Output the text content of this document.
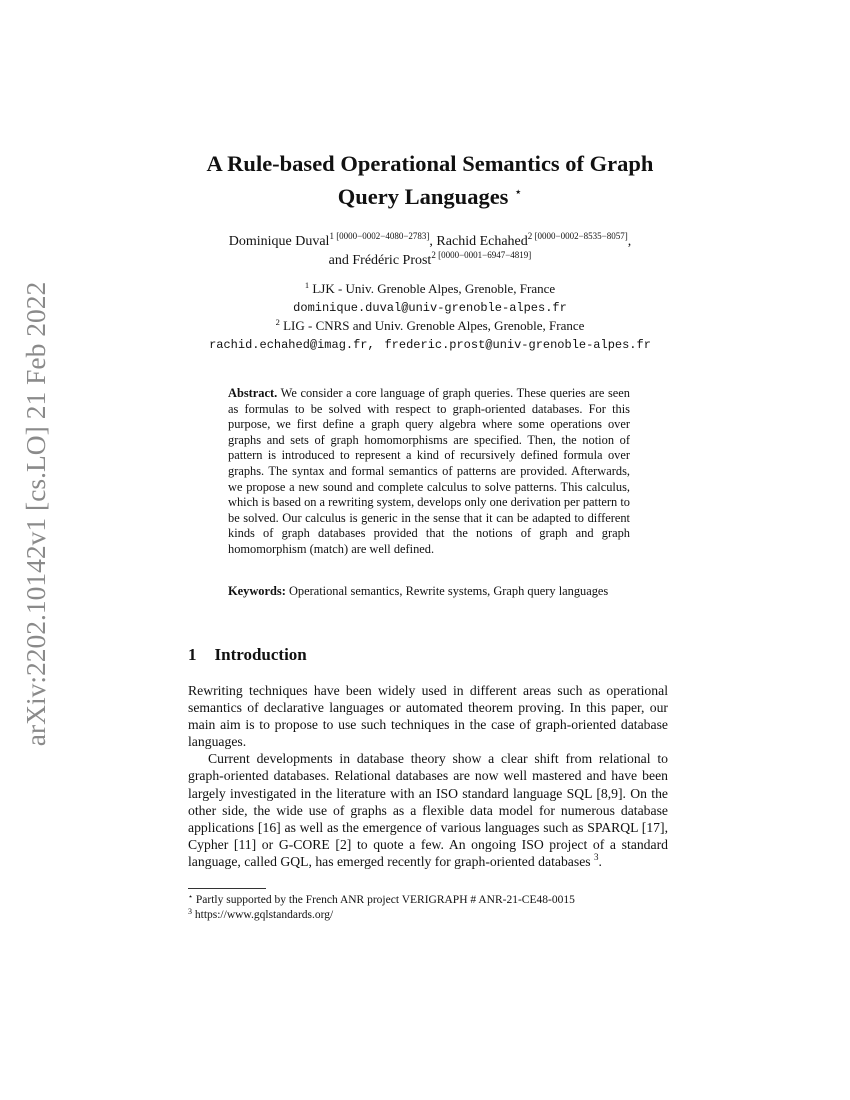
arXiv:2202.10142v1 [cs.LO] 21 Feb 2022
A Rule-based Operational Semantics of Graph
Query Languages ⋆
Dominique Duval$^{1 [0000-0002-4080-2783]}$, Rachid Echahed$^{2 [0000-0002-8535-8057]}$,
and Frédéric Prost$^{2 [0000-0001-6947-4819]}$
$^1$ LJK - Univ. Grenoble Alpes, Grenoble, France
dominique.duval@univ-grenoble-alpes.fr
$^2$ LIG - CNRS and Univ. Grenoble Alpes, Grenoble, France
rachid.echahed@imag.fr, frederic.prost@univ-grenoble-alpes.fr
Abstract. We consider a core language of graph queries. These queries are seen as formulas to be solved with respect to graph-oriented databases. For this purpose, we first define a graph query algebra where some operations over graphs and sets of graph homomorphisms are specified. Then, the notion of pattern is introduced to represent a kind of recursively defined formula over graphs. The syntax and formal semantics of patterns are provided. Afterwards, we propose a new sound and complete calculus to solve patterns. This calculus, which is based on a rewriting system, develops only one derivation per pattern to be solved. Our calculus is generic in the sense that it can be adapted to different kinds of graph databases provided that the notions of graph and graph homomorphism (match) are well defined.
Keywords: Operational semantics, Rewrite systems, Graph query languages
1 Introduction

Rewriting techniques have been widely used in different areas such as operational semantics of declarative languages or automated theorem proving. In this paper, our main aim is to propose to use such techniques in the case of graph-oriented database languages.

Current developments in database theory show a clear shift from relational to graph-oriented databases. Relational databases are now well mastered and have been largely investigated in the literature with an ISO standard language SQL [8,9]. On the other side, the wide use of graphs as a flexible data model for numerous database applications [16] as well as the emergence of various languages such as SPARQL [17], Cypher [11] or G-CORE [2] to quote a few. An ongoing ISO project of a standard language, called GQL, has emerged recently for graph-oriented databases $^3$.

⋆ Partly supported by the French ANR project VERIGRAPH # ANR-21-CE48-0015
$^3$ https://www.gqlstandards.org/
